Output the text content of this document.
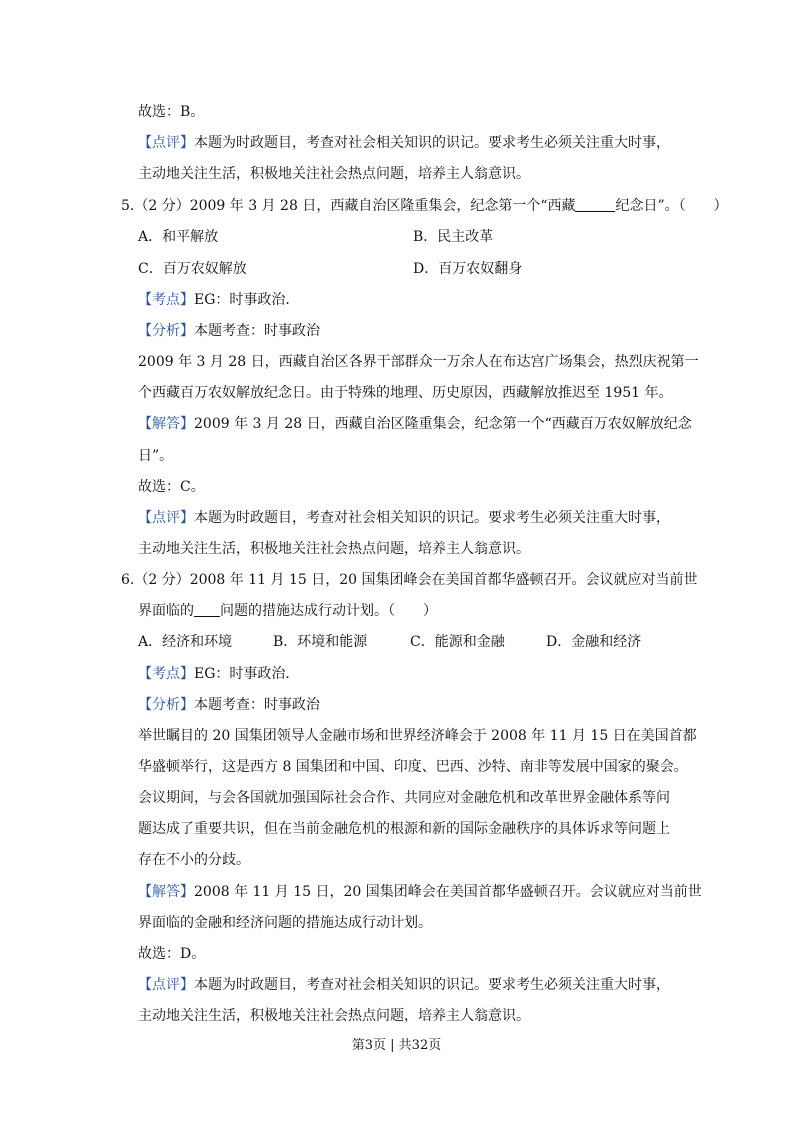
故选：B。
【点评】本题为时政题目，考查对社会相关知识的识记。要求考生必须关注重大时事，
主动地关注生活，积极地关注社会热点问题，培养主人翁意识。
5.（2 分）2009 年 3 月 28 日，西藏自治区隆重集会，纪念第一个“西藏	纪念日”。（　　）
A．和平解放	B．民主改革
C．百万农奴解放	D．百万农奴翻身
【考点】EG：时事政治．
【分析】本题考查：时事政治
2009 年 3 月 28 日，西藏自治区各界干部群众一万余人在布达宫广场集会，热烈庆祝第一
个西藏百万农奴解放纪念日。由于特殊的地理、历史原因，西藏解放推迟至 1951 年。
【解答】2009 年 3 月 28 日，西藏自治区隆重集会，纪念第一个“西藏百万农奴解放纪念
日”。
故选：C。
【点评】本题为时政题目，考查对社会相关知识的识记。要求考生必须关注重大时事，
主动地关注生活，积极地关注社会热点问题，培养主人翁意识。
6.（2 分）2008 年 11 月 15 日，20 国集团峰会在美国首都华盛顿召开。会议就应对当前世
界面临的 问题的措施达成行动计划。（　　）
A．经济和环境	B．环境和能源	C．能源和金融	D．金融和经济
【考点】EG：时事政治．
【分析】本题考查：时事政治
举世瞩目的 20 国集团领导人金融市场和世界经济峰会于 2008 年 11 月 15 日在美国首都
华盛顿举行，这是西方 8 国集团和中国、印度、巴西、沙特、南非等发展中国家的聚会。
会议期间，与会各国就加强国际社会合作、共同应对金融危机和改革世界金融体系等问
题达成了重要共识，但在当前金融危机的根源和新的国际金融秩序的具体诉求等问题上
存在不小的分歧。
【解答】2008 年 11 月 15 日，20 国集团峰会在美国首都华盛顿召开。会议就应对当前世
界面临的金融和经济问题的措施达成行动计划。
故选：D。
【点评】本题为时政题目，考查对社会相关知识的识记。要求考生必须关注重大时事，
主动地关注生活，积极地关注社会热点问题，培养主人翁意识。
第3页 | 共32页
